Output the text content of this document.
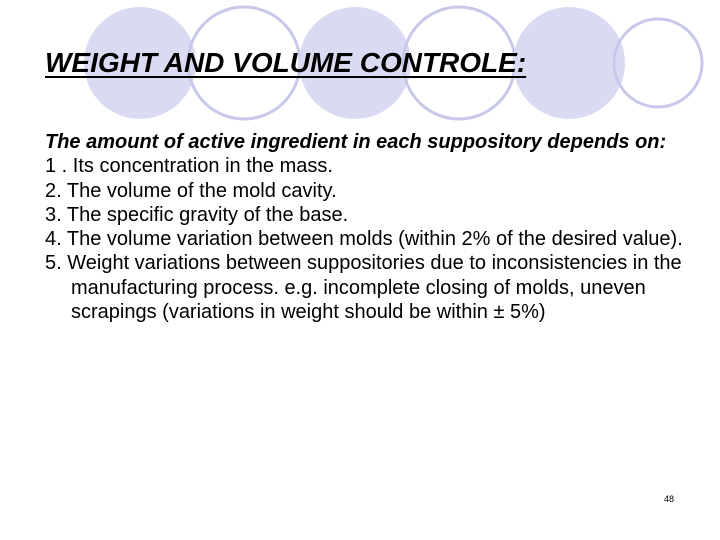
WEIGHT AND VOLUME CONTROLE:
The amount of active ingredient in each suppository depends on:
1 . Its concentration in the mass.
2. The volume of the mold cavity.
3. The specific gravity of the base.
4. The volume variation between molds (within 2% of the desired value).
5. Weight variations between suppositories due to inconsistencies in the manufacturing process. e.g. incomplete closing of molds, uneven scrapings (variations in weight should be within ± 5%)
48
